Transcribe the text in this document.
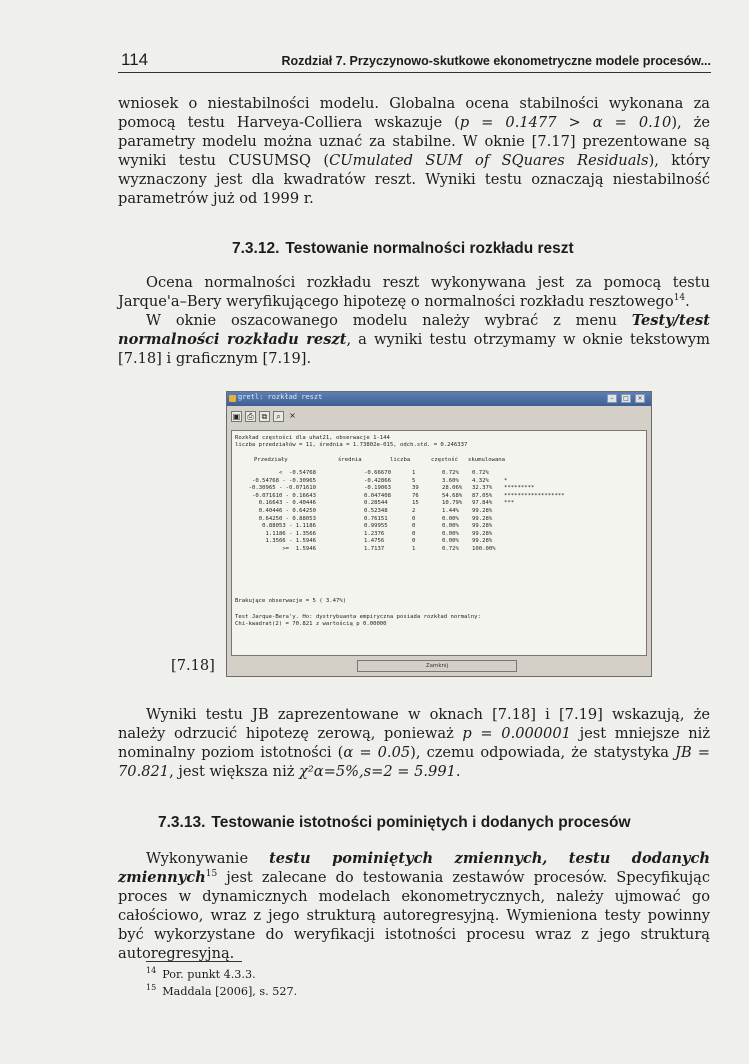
114	Rozdział 7. Przyczynowo-skutkowe ekonometryczne modele procesów...

wniosek o niestabilności modelu. Globalna ocena stabilności wykonana za pomocą testu Harveya-Colliera wskazuje (p = 0.1477 > α = 0.10), że parametry modelu można uznać za stabilne. W oknie [7.17] prezentowane są wyniki testu CUSUMSQ (CUmulated SUM of SQuares Residuals), który wyznaczony jest dla kwadratów reszt. Wyniki testu oznaczają niestabilność parametrów już od 1999 r.

7.3.12. Testowanie normalności rozkładu reszt

Ocena normalności rozkładu reszt wykonywana jest za pomocą testu Jarque'a–Bery weryfikującego hipotezę o normalności rozkładu resztowego$^{14}$.

W oknie oszacowanego modelu należy wybrać z menu Testy/test normalności rozkładu reszt, a wyniki testu otrzymamy w oknie tekstowym [7.18] i graficznym [7.19].

gretl: rozkład reszt	–	□	×
▣ ⎙ ⧉	⌕	×
Rozkład częstości dla uhat21, obserwacje 1-144
liczba przedziałów = 11, średnia = 1.73802e-015, odch.std. = 0.246337
Przedziały	średnia	liczba	częstość skumulowana
<  -0.54768	-0.66670	1	0.72% 0.72%
-0.54768 - -0.30965	-0.42866	5	3.60% 4.32%	*
-0.30965 - -0.071610	-0.19063	39	28.06% 32.37% *********
-0.071610 - 0.16643	0.047408	76	54.68% 87.05% ******************
0.16643 - 0.40446	0.28544	15	10.79% 97.84% ***
0.40446 - 0.64250	0.52348	2	1.44% 99.28%
0.64250 - 0.88053	0.76151	0	0.00% 99.28%
0.88053 - 1.1186	0.99955	0	0.00% 99.28%
1.1186 - 1.3566	1.2376	0	0.00% 99.28%
1.3566 - 1.5946	1.4756	0	0.00% 99.28%
>=  1.5946	1.7137	1	0.72% 100.00%
Brakujące obserwacje = 5 ( 3.47%)
Test Jarque-Bera'y. Ho: dystrybuanta empiryczna posiada rozkład normalny:
Chi-kwadrat(2) = 70.821 z wartością p 0.00000
Zamknij
[7.18]

Wyniki testu JB zaprezentowane w oknach [7.18] i [7.19] wskazują, że należy odrzucić hipotezę zerową, ponieważ p = 0.000001 jest mniejsze niż nominalny poziom istotności (α = 0.05), czemu odpowiada, że statystyka JB = 70.821, jest większa niż χ²α=5%,s=2 = 5.991.

7.3.13. Testowanie istotności pominiętych i dodanych procesów

Wykonywanie testu pominiętych zmiennych, testu dodanych zmiennych$^{15}$ jest zalecane do testowania zestawów procesów. Specyfikując proces w dynamicznych modelach ekonometrycznych, należy ujmować go całościowo, wraz z jego strukturą autoregresyjną. Wymieniona testy powinny być wykorzystane do weryfikacji istotności procesu wraz z jego strukturą autoregresyjną.

$^{14}$ Por. punkt 4.3.3.
$^{15}$ Maddala [2006], s. 527.
